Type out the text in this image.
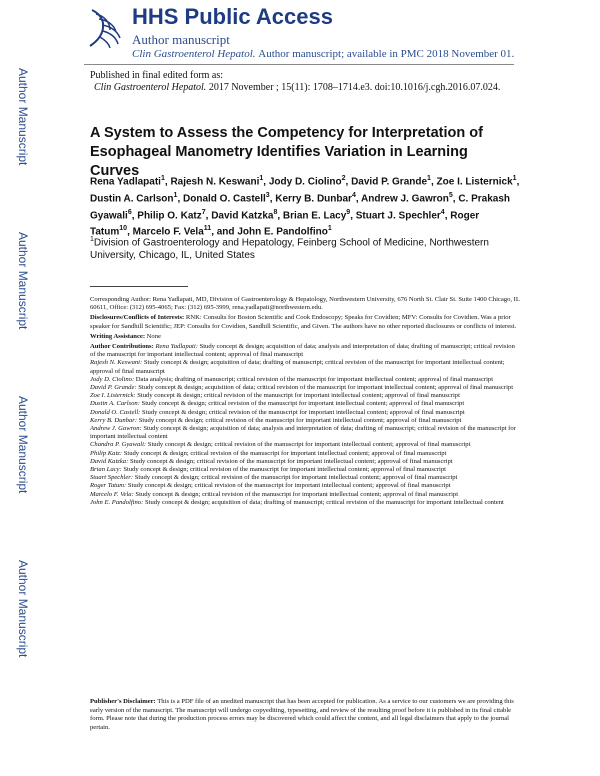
Author Manuscript
Author Manuscript
Author Manuscript
Author Manuscript
HHS Public Access
Author manuscript
Clin Gastroenterol Hepatol. Author manuscript; available in PMC 2018 November 01.
Published in final edited form as:
Clin Gastroenterol Hepatol. 2017 November ; 15(11): 1708–1714.e3. doi:10.1016/j.cgh.2016.07.024.
A System to Assess the Competency for Interpretation of Esophageal Manometry Identifies Variation in Learning Curves
Rena Yadlapati$^1$, Rajesh N. Keswani$^1$, Jody D. Ciolino$^2$, David P. Grande$^1$, Zoe I. Listernick$^1$, Dustin A. Carlson$^1$, Donald O. Castell$^3$, Kerry B. Dunbar$^4$, Andrew J. Gawron$^5$, C. Prakash Gyawali$^6$, Philip O. Katz$^7$, David Katzka$^8$, Brian E. Lacy$^9$, Stuart J. Spechler$^4$, Roger Tatum$^{10}$, Marcelo F. Vela$^{11}$, and John E. Pandolfino$^1$
$^1$Division of Gastroenterology and Hepatology, Feinberg School of Medicine, Northwestern University, Chicago, IL, United States

Corresponding Author: Rena Yadlapati, MD, Division of Gastroenterology & Hepatology, Northwestern University, 676 North St. Clair St. Suite 1400 Chicago, IL 60611, Office: (312) 695-4065; Fax: (312) 695-3999, rena.yadlapati@northwestern.edu.

Disclosures/Conflicts of Interests: RNK: Consults for Boston Scientific and Cook Endoscopy; Speaks for Covidien; MFV: Consults for Covidien. Was a prior speaker for Sandhill Scientific; JEP: Consults for Covidien, Sandhill Scientific, and Given. The authors have no other reported disclosures or conflicts of interest.

Writing Assistance: None

Author Contributions: Rena Yadlapati: Study concept & design; acquisition of data; analysis and interpretation of data; drafting of manuscript; critical revision of the manuscript for important intellectual content; approval of final manuscript

Rajesh N. Keswani: Study concept & design; acquisition of data; drafting of manuscript; critical revision of the manuscript for important intellectual content; approval of final manuscript

Jody D. Ciolino: Data analysis; drafting of manuscript; critical revision of the manuscript for important intellectual content; approval of final manuscript

David P. Grande: Study concept & design; acquisition of data; critical revision of the manuscript for important intellectual content; approval of final manuscript

Zoe I. Listernick: Study concept & design; critical revision of the manuscript for important intellectual content; approval of final manuscript

Dustin A. Carlson: Study concept & design; critical revision of the manuscript for important intellectual content; approval of final manuscript

Donald O. Castell: Study concept & design; critical revision of the manuscript for important intellectual content; approval of final manuscript

Kerry B. Dunbar: Study concept & design; critical revision of the manuscript for important intellectual content; approval of final manuscript

Andrew J. Gawron: Study concept & design; acquisition of data; analysis and interpretation of data; drafting of manuscript; critical revision of the manuscript for important intellectual content

Chandra P. Gyawali: Study concept & design; critical revision of the manuscript for important intellectual content; approval of final manuscript

Philip Katz: Study concept & design; critical revision of the manuscript for important intellectual content; approval of final manuscript

David Katzka: Study concept & design; critical revision of the manuscript for important intellectual content; approval of final manuscript

Brian Lacy: Study concept & design; critical revision of the manuscript for important intellectual content; approval of final manuscript

Stuart Spechler: Study concept & design; critical revision of the manuscript for important intellectual content; approval of final manuscript

Roger Tatum: Study concept & design; critical revision of the manuscript for important intellectual content; approval of final manuscript

Marcelo F. Vela: Study concept & design; critical revision of the manuscript for important intellectual content; approval of final manuscript

John E. Pandolfino: Study concept & design; acquisition of data; drafting of manuscript; critical revision of the manuscript for important intellectual content

Publisher's Disclaimer: This is a PDF file of an unedited manuscript that has been accepted for publication. As a service to our customers we are providing this early version of the manuscript. The manuscript will undergo copyediting, typesetting, and review of the resulting proof before it is published in its final citable form. Please note that during the production process errors may be discovered which could affect the content, and all legal disclaimers that apply to the journal pertain.
